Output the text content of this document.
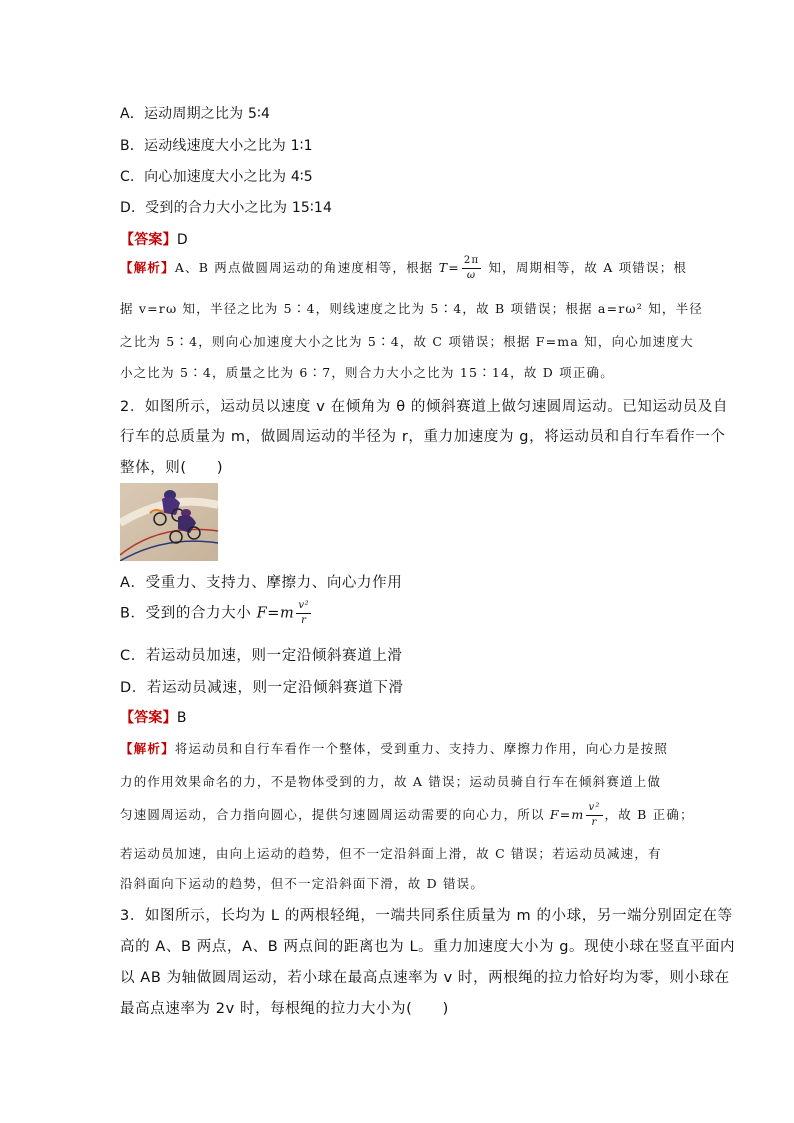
A．运动周期之比为 5∶4
B．运动线速度大小之比为 1∶1
C．向心加速度大小之比为 4∶5
D．受到的合力大小之比为 15∶14
【答案】D
【解析】A、B 两点做圆周运动的角速度相等，根据 $T= \frac{2\pi}{\omega}$ 知，周期相等，故 A 项错误；根
据 v=rω 知，半径之比为 5∶4，则线速度之比为 5∶4，故 B 项错误；根据 a=rω² 知，半径
之比为 5∶4，则向心加速度大小之比为 5∶4，故 C 项错误；根据 F=ma 知，向心加速度大
小之比为 5∶4，质量之比为 6∶7，则合力大小之比为 15∶14，故 D 项正确。
2．如图所示，运动员以速度 v 在倾角为 θ 的倾斜赛道上做匀速圆周运动。已知运动员及自
行车的总质量为 m，做圆周运动的半径为 r，重力加速度为 g，将运动员和自行车看作一个
整体，则(　　)
A．受重力、支持力、摩擦力、向心力作用
B．受到的合力大小 $F=m \frac{\text{v²}}{r}$
C．若运动员加速，则一定沿倾斜赛道上滑
D．若运动员减速，则一定沿倾斜赛道下滑
【答案】B
【解析】将运动员和自行车看作一个整体，受到重力、支持力、摩擦力作用，向心力是按照
力的作用效果命名的力，不是物体受到的力，故 A 错误；运动员骑自行车在倾斜赛道上做
匀速圆周运动，合力指向圆心，提供匀速圆周运动需要的向心力，所以 $F=m \frac{\text{v²}}{r}$ ，故 B 正确；
若运动员加速，由向上运动的趋势，但不一定沿斜面上滑，故 C 错误；若运动员减速，有
沿斜面向下运动的趋势，但不一定沿斜面下滑，故 D 错误。
3．如图所示，长均为 L 的两根轻绳，一端共同系住质量为 m 的小球，另一端分别固定在等
高的 A、B 两点，A、B 两点间的距离也为 L。重力加速度大小为 g。现使小球在竖直平面内
以 AB 为轴做圆周运动，若小球在最高点速率为 v 时，两根绳的拉力恰好均为零，则小球在
最高点速率为 2v 时，每根绳的拉力大小为(　　)
